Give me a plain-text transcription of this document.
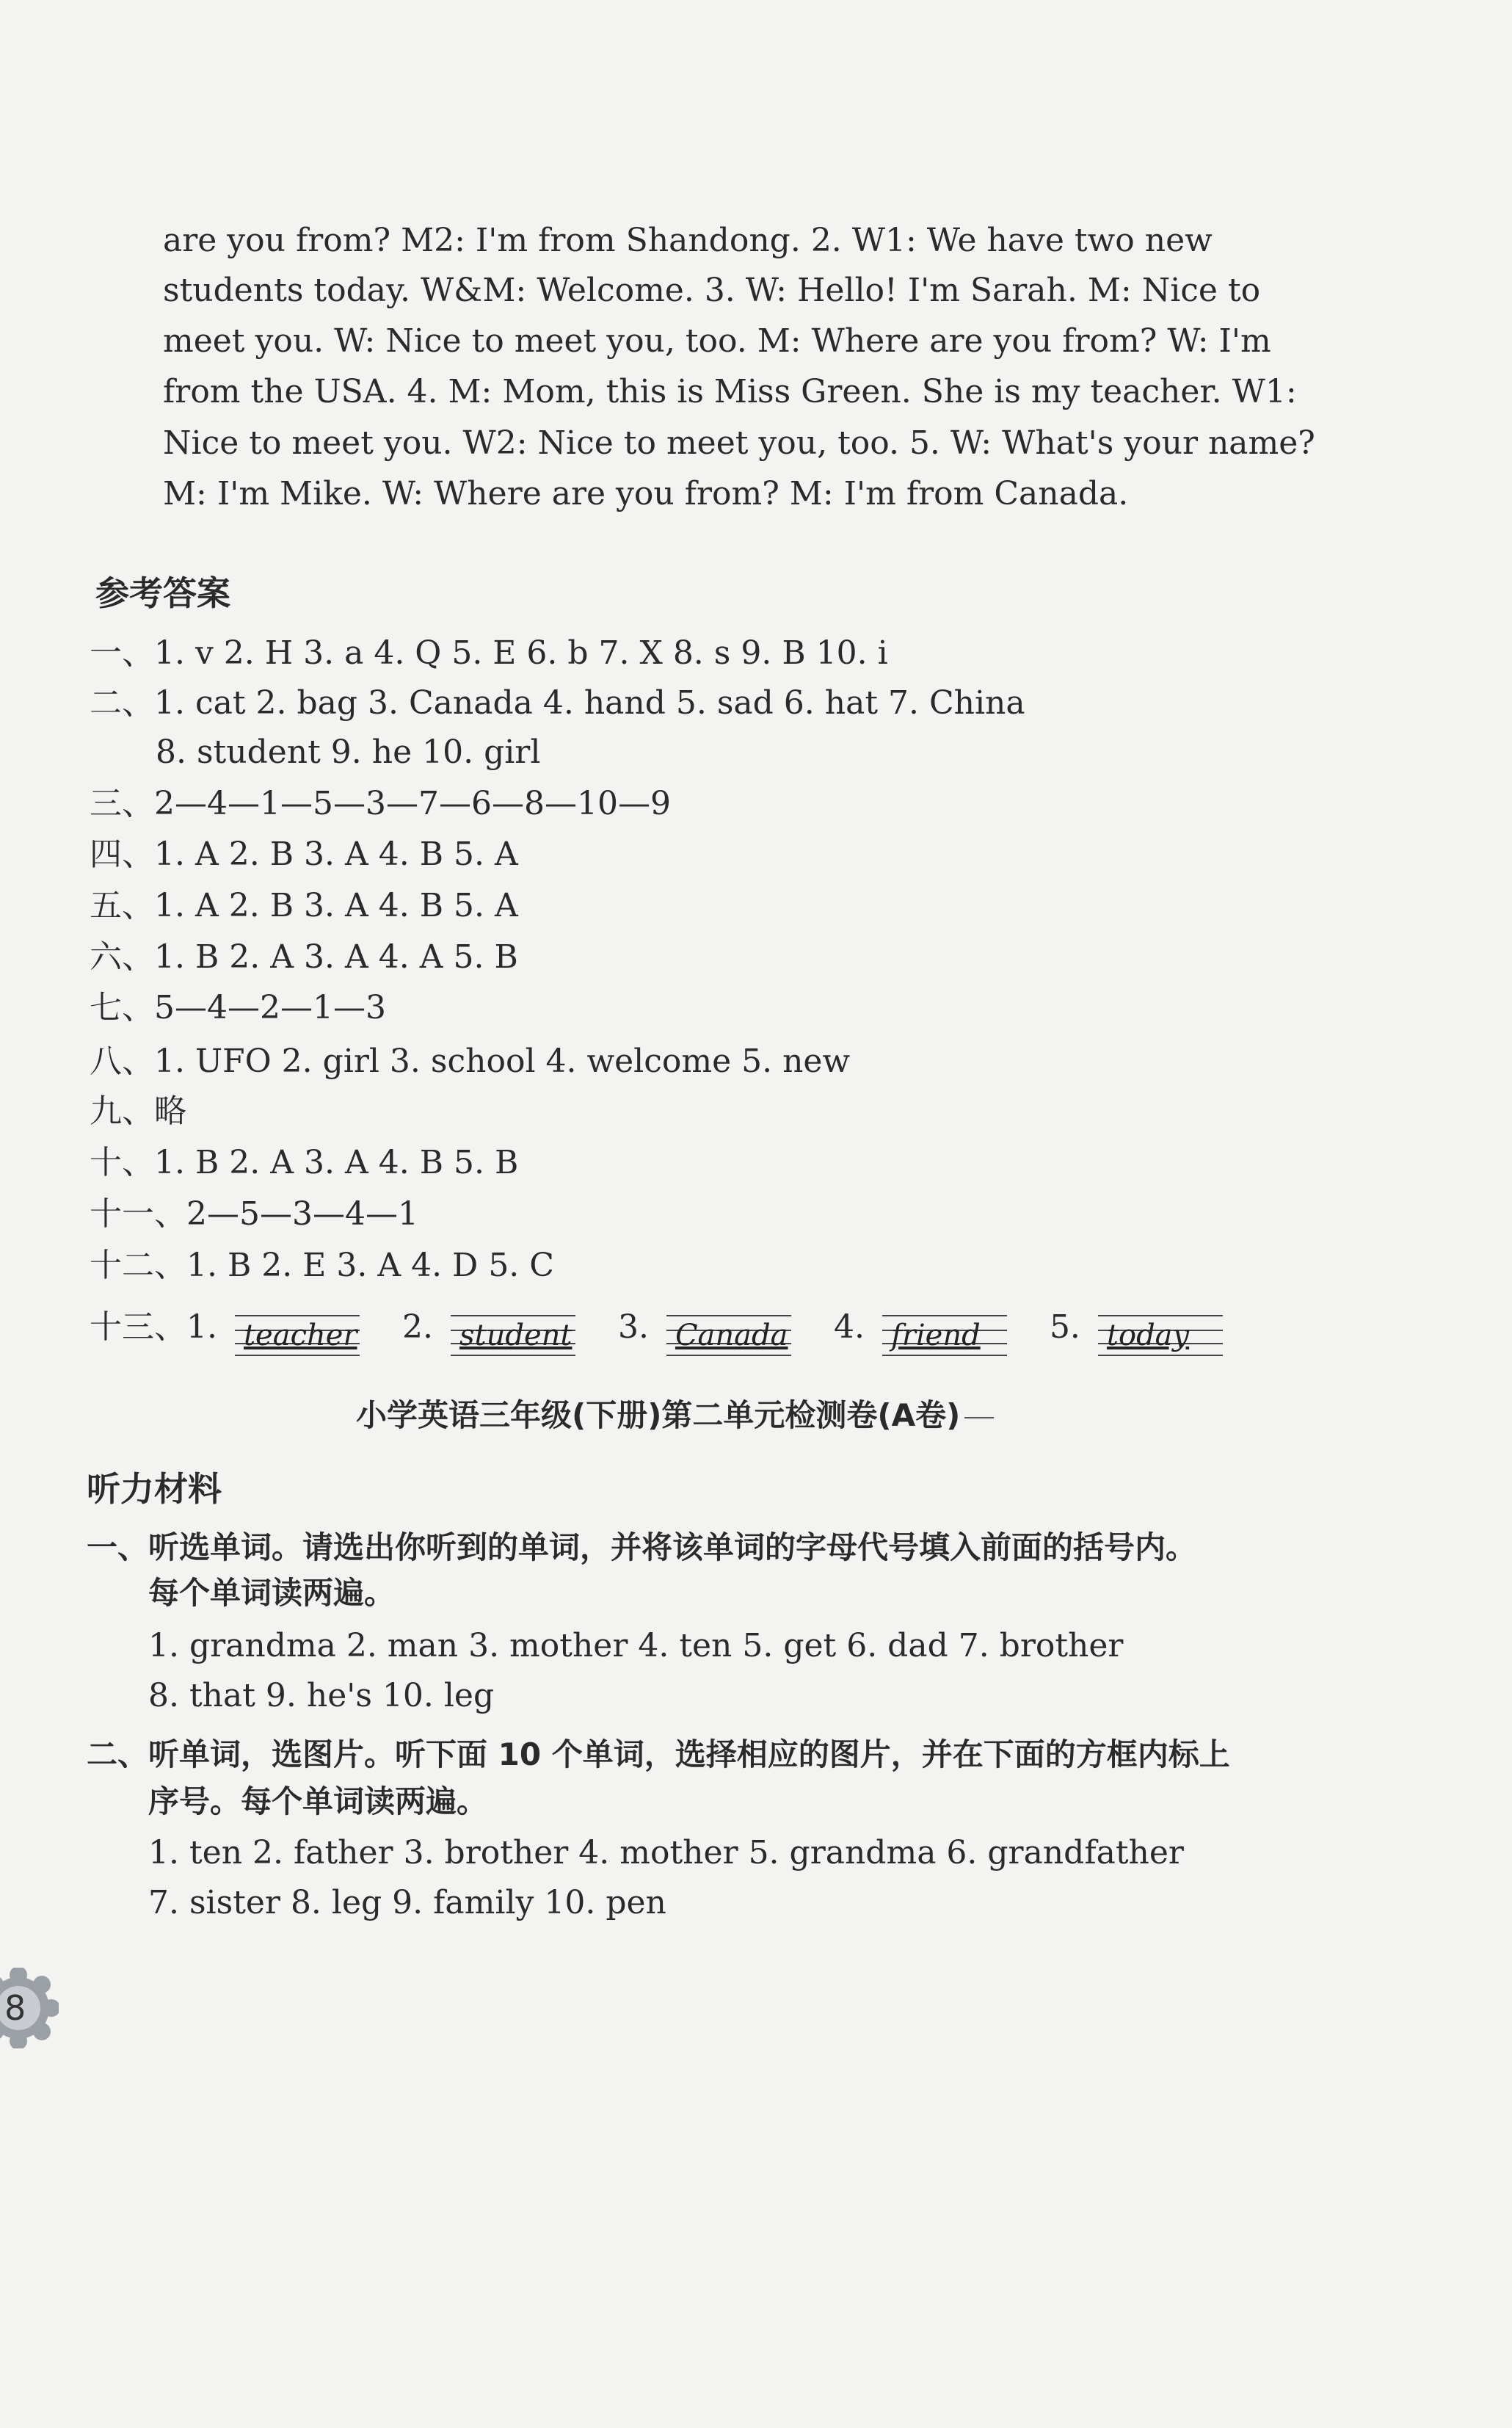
are you from? M2: I'm from Shandong. 2. W1: We have two new
students today. W&M: Welcome. 3. W: Hello! I'm Sarah. M: Nice to
meet you. W: Nice to meet you, too. M: Where are you from? W: I'm
from the USA. 4. M: Mom, this is Miss Green. She is my teacher. W1:
Nice to meet you. W2: Nice to meet you, too. 5. W: What's your name?
M: I'm Mike. W: Where are you from? M: I'm from Canada.
参考答案
一、1. v 2. H 3. a 4. Q 5. E 6. b 7. X 8. s 9. B 10. i
二、1. cat 2. bag 3. Canada 4. hand 5. sad 6. hat 7. China
8. student 9. he 10. girl
三、2—4—1—5—3—7—6—8—10—9
四、1. A 2. B 3. A 4. B 5. A
五、1. A 2. B 3. A 4. B 5. A
六、1. B 2. A 3. A 4. A 5. B
七、5—4—2—1—3
八、1. UFO 2. girl 3. school 4. welcome 5. new
九、略
十、1. B 2. A 3. A 4. B 5. B
十一、2—5—3—4—1
十二、1. B 2. E 3. A 4. D 5. C
十三、1. teacher 2. student 3. Canada 4. friend 5. today
小学英语三年级(下册)第二单元检测卷(A卷)
听力材料
一、听选单词。请选出你听到的单词，并将该单词的字母代号填入前面的括号内。
每个单词读两遍。
1. grandma 2. man 3. mother 4. ten 5. get 6. dad 7. brother
8. that 9. he's 10. leg
二、听单词，选图片。听下面 10 个单词，选择相应的图片，并在下面的方框内标上
序号。每个单词读两遍。
1. ten 2. father 3. brother 4. mother 5. grandma 6. grandfather
7. sister 8. leg 9. family 10. pen
8
